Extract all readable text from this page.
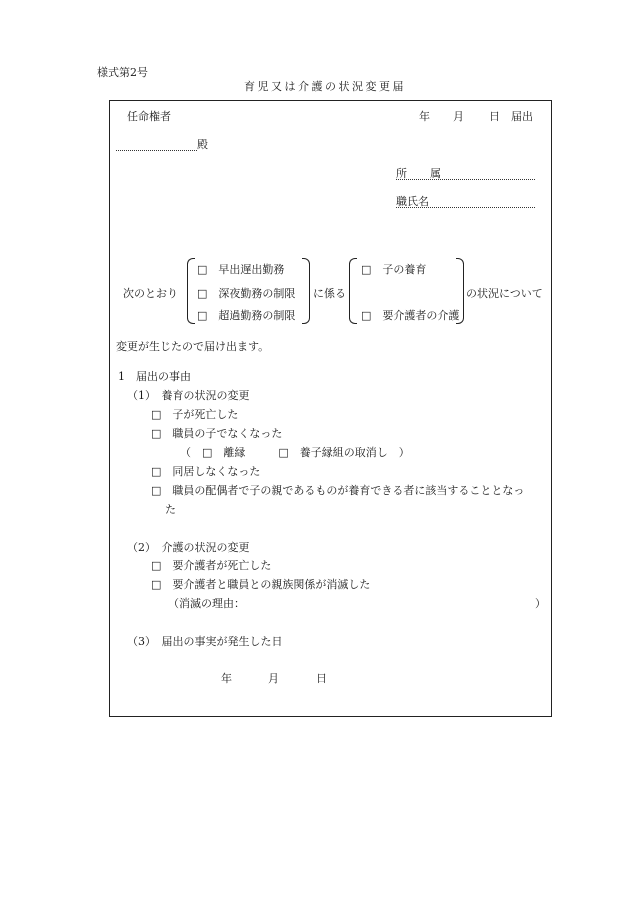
様式第2号
育児又は介護の状況変更届
任命権者	年 月 日 届出
殿
所　属
職氏名
次のとおり
□　早出遅出勤務
□　深夜勤務の制限
□　超過勤務の制限
に係る
□　子の養育
□　要介護者の介護
の状況について
変更が生じたので届け出ます。
1　届出の事由
（1）　養育の状況の変更
□　子が死亡した
□　職員の子でなくなった
（　□　離縁　　　□　養子縁組の取消し　）
□　同居しなくなった
□　職員の配偶者で子の親であるものが養育できる者に該当することとなっ
た
（2）　介護の状況の変更
□　要介護者が死亡した
□　要介護者と職員との親族関係が消滅した
（消滅の理由：	）
（3）　届出の事実が発生した日
年	月	日
